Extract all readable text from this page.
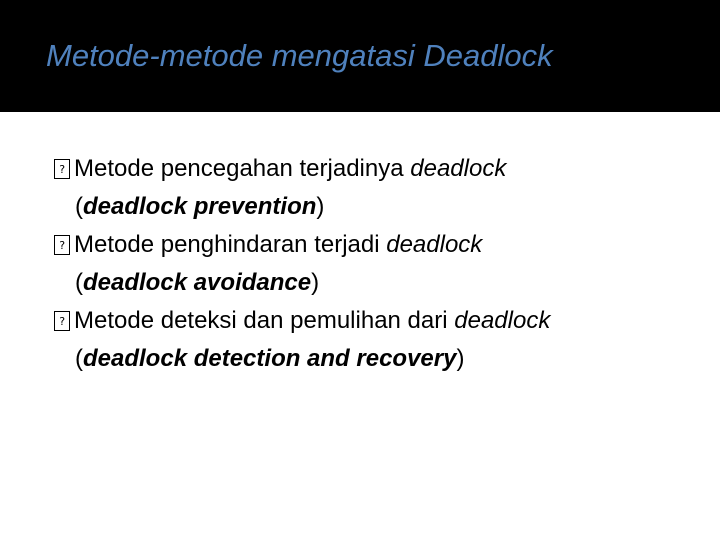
Metode-metode mengatasi Deadlock
? Metode pencegahan terjadinya deadlock
(deadlock prevention)
? Metode penghindaran terjadi deadlock
(deadlock avoidance)
? Metode deteksi dan pemulihan dari deadlock
(deadlock detection and recovery)
